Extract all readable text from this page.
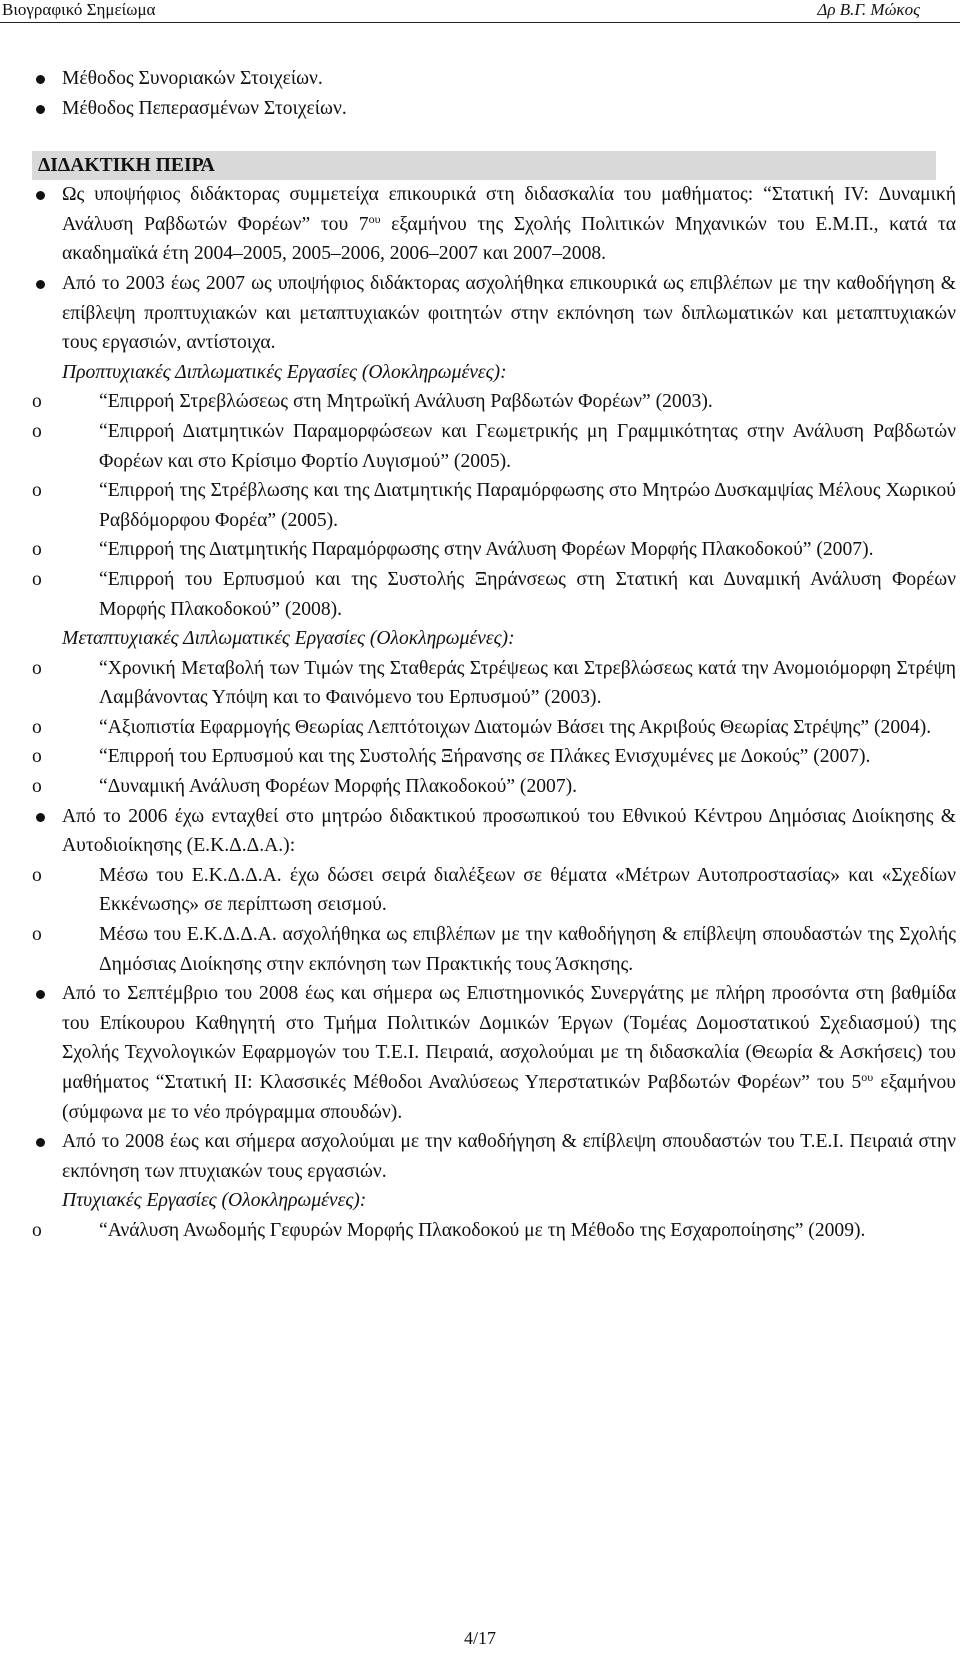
Βιογραφικό Σημείωμα	Δρ Β.Γ. Μώκος
Μέθοδος Συνοριακών Στοιχείων.
Μέθοδος Πεπερασμένων Στοιχείων.
ΔΙΔΑΚΤΙΚΗ ΠΕΙΡΑ
Ως υποψήφιος διδάκτορας συμμετείχα επικουρικά στη διδασκαλία του μαθήματος: “Στατική IV: Δυναμική Ανάλυση Ραβδωτών Φορέων” του $7^{o\upsilon}$ εξαμήνου της Σχολής Πολιτικών Μηχανικών του Ε.Μ.Π., κατά τα ακαδημαϊκά έτη 2004–2005, 2005–2006, 2006–2007 και 2007–2008.
Από το 2003 έως 2007 ως υποψήφιος διδάκτορας ασχολήθηκα επικουρικά ως επιβλέπων με την καθοδήγηση & επίβλεψη προπτυχιακών και μεταπτυχιακών φοιτητών στην εκπόνηση των διπλωματικών και μεταπτυχιακών τους εργασιών, αντίστοιχα.
Προπτυχιακές Διπλωματικές Εργασίες (Ολοκληρωμένες):
o “Επιρροή Στρεβλώσεως στη Μητρωϊκή Ανάλυση Ραβδωτών Φορέων” (2003).
o “Επιρροή Διατμητικών Παραμορφώσεων και Γεωμετρικής μη Γραμμικότητας στην Ανάλυση Ραβδωτών Φορέων και στο Κρίσιμο Φορτίο Λυγισμού” (2005).
o “Επιρροή της Στρέβλωσης και της Διατμητικής Παραμόρφωσης στο Μητρώο Δυσκαμψίας Μέλους Χωρικού Ραβδόμορφου Φορέα” (2005).
o “Επιρροή της Διατμητικής Παραμόρφωσης στην Ανάλυση Φορέων Μορφής Πλακοδοκού” (2007).
o “Επιρροή του Ερπυσμού και της Συστολής Ξηράνσεως στη Στατική και Δυναμική Ανάλυση Φορέων Μορφής Πλακοδοκού” (2008).
Μεταπτυχιακές Διπλωματικές Εργασίες (Ολοκληρωμένες):
o “Χρονική Μεταβολή των Τιμών της Σταθεράς Στρέψεως και Στρεβλώσεως κατά την Ανομοιόμορφη Στρέψη Λαμβάνοντας Υπόψη και το Φαινόμενο του Ερπυσμού” (2003).
o “Αξιοπιστία Εφαρμογής Θεωρίας Λεπτότοιχων Διατομών Βάσει της Ακριβούς Θεωρίας Στρέψης” (2004).
o “Επιρροή του Ερπυσμού και της Συστολής Ξήρανσης σε Πλάκες Ενισχυμένες με Δοκούς” (2007).
o “Δυναμική Ανάλυση Φορέων Μορφής Πλακοδοκού” (2007).
Από το 2006 έχω ενταχθεί στο μητρώο διδακτικού προσωπικού του Εθνικού Κέντρου Δημόσιας Διοίκησης & Αυτοδιοίκησης (Ε.Κ.Δ.Δ.Α.):
o Μέσω του Ε.Κ.Δ.Δ.Α. έχω δώσει σειρά διαλέξεων σε θέματα «Μέτρων Αυτοπροστασίας» και «Σχεδίων Εκκένωσης» σε περίπτωση σεισμού.
o Μέσω του Ε.Κ.Δ.Δ.Α. ασχολήθηκα ως επιβλέπων με την καθοδήγηση & επίβλεψη σπουδαστών της Σχολής Δημόσιας Διοίκησης στην εκπόνηση των Πρακτικής τους Άσκησης.
Από το Σεπτέμβριο του 2008 έως και σήμερα ως Επιστημονικός Συνεργάτης με πλήρη προσόντα στη βαθμίδα του Επίκουρου Καθηγητή στο Τμήμα Πολιτικών Δομικών Έργων (Τομέας Δομοστατικού Σχεδιασμού) της Σχολής Τεχνολογικών Εφαρμογών του Τ.Ε.Ι. Πειραιά, ασχολούμαι με τη διδασκαλία (Θεωρία & Ασκήσεις) του μαθήματος “Στατική ΙΙ: Κλασσικές Μέθοδοι Αναλύσεως Υπερστατικών Ραβδωτών Φορέων” του $5^{o\upsilon}$ εξαμήνου (σύμφωνα με το νέο πρόγραμμα σπουδών).
Από το 2008 έως και σήμερα ασχολούμαι με την καθοδήγηση & επίβλεψη σπουδαστών του Τ.Ε.Ι. Πειραιά στην εκπόνηση των πτυχιακών τους εργασιών.
Πτυχιακές Εργασίες (Ολοκληρωμένες):
o “Ανάλυση Ανωδομής Γεφυρών Μορφής Πλακοδοκού με τη Μέθοδο της Εσχαροποίησης” (2009).
4/17
